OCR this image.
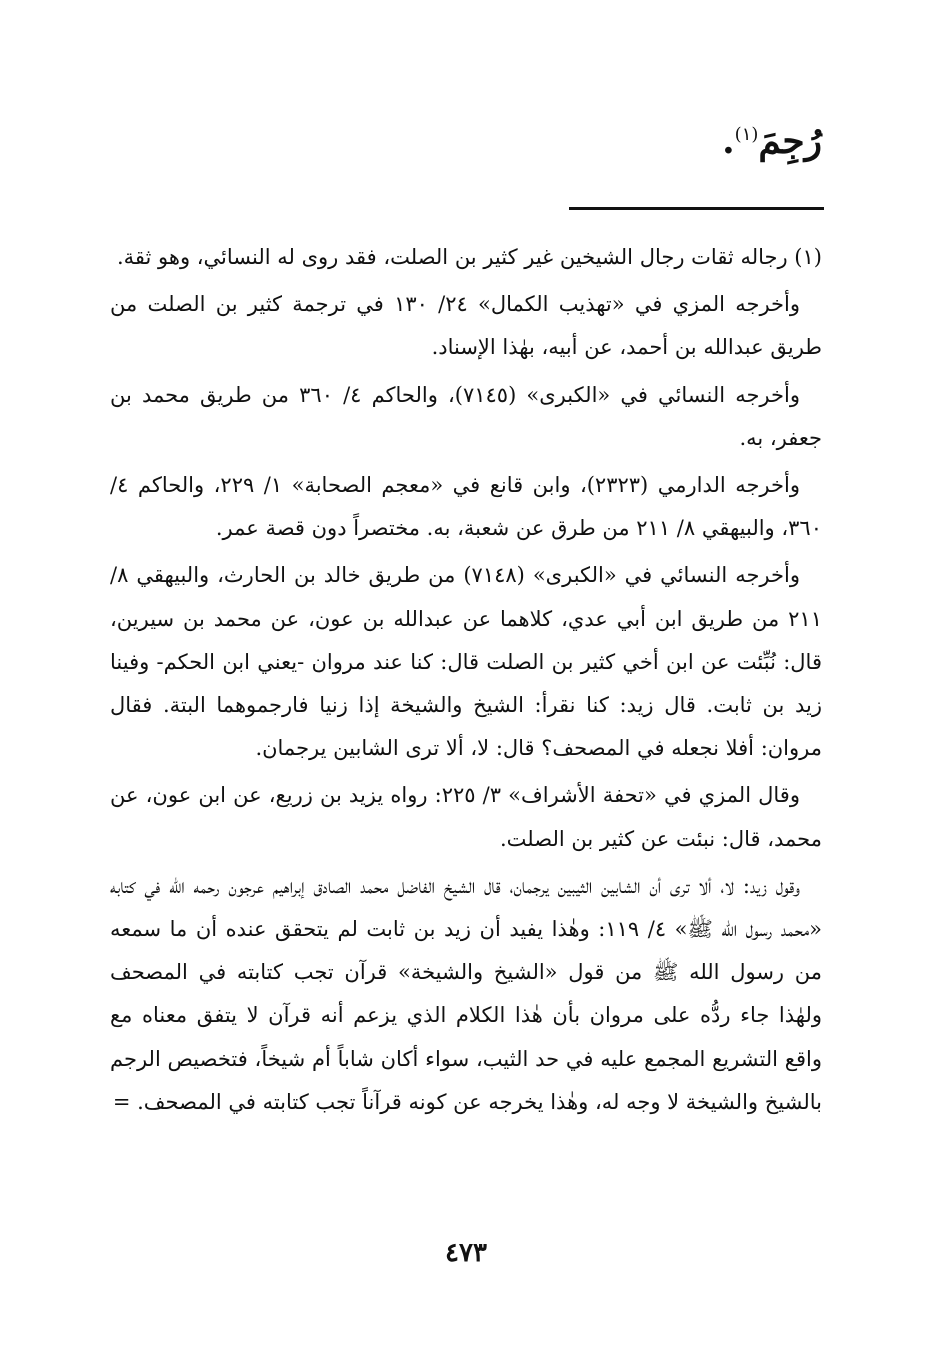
رُجِمَ$^{(١)}$.

(١) رجاله ثقات رجال الشيخين غير كثير بن الصلت، فقد روى له النسائي، وهو ثقة.

وأخرجه المزي في «تهذيب الكمال» ٢٤/ ١٣٠ في ترجمة كثير بن الصلت من طريق عبدالله بن أحمد، عن أبيه، بهٰذا الإسناد.

وأخرجه النسائي في «الكبرى» (٧١٤٥)، والحاكم ٤/ ٣٦٠ من طريق محمد بن جعفر، به.

وأخرجه الدارمي (٢٣٢٣)، وابن قانع في «معجم الصحابة» ١/ ٢٢٩، والحاكم ٤/ ٣٦٠، والبيهقي ٨/ ٢١١ من طرق عن شعبة، به. مختصراً دون قصة عمر.

وأخرجه النسائي في «الكبرى» (٧١٤٨) من طريق خالد بن الحارث، والبيهقي ٨/ ٢١١ من طريق ابن أبي عدي، كلاهما عن عبدالله بن عون، عن محمد بن سيرين، قال: نُبِّئت عن ابن أخي كثير بن الصلت قال: كنا عند مروان -يعني ابن الحكم- وفينا زيد بن ثابت. قال زيد: كنا نقرأ: الشيخ والشيخة إذا زنيا فارجموهما البتة. فقال مروان: أفلا نجعله في المصحف؟ قال: لا، ألا ترى الشابين يرجمان.

وقال المزي في «تحفة الأشراف» ٣/ ٢٢٥: رواه يزيد بن زريع، عن ابن عون، عن محمد، قال: نبئت عن كثير بن الصلت.

وقول زيد: لا، ألا ترى أن الشابين الثيبين يرجمان، قال الشيخ الفاضل محمد الصادق إبراهيم عرجون رحمه الله في كتابه «محمد رسول الله ﷺ» ٤/ ١١٩: وهٰذا يفيد أن زيد بن ثابت لم يتحقق عنده أن ما سمعه من رسول الله ﷺ من قول «الشيخ والشيخة» قرآن تجب كتابته في المصحف ولهٰذا جاء ردُّه على مروان بأن هٰذا الكلام الذي يزعم أنه قرآن لا يتفق معناه مع واقع التشريع المجمع عليه في حد الثيب، سواء أكان شاباً أم شيخاً، فتخصيص الرجم بالشيخ والشيخة لا وجه له، وهٰذا يخرجه عن كونه قرآناً تجب كتابته في المصحف. =

٤٧٣
